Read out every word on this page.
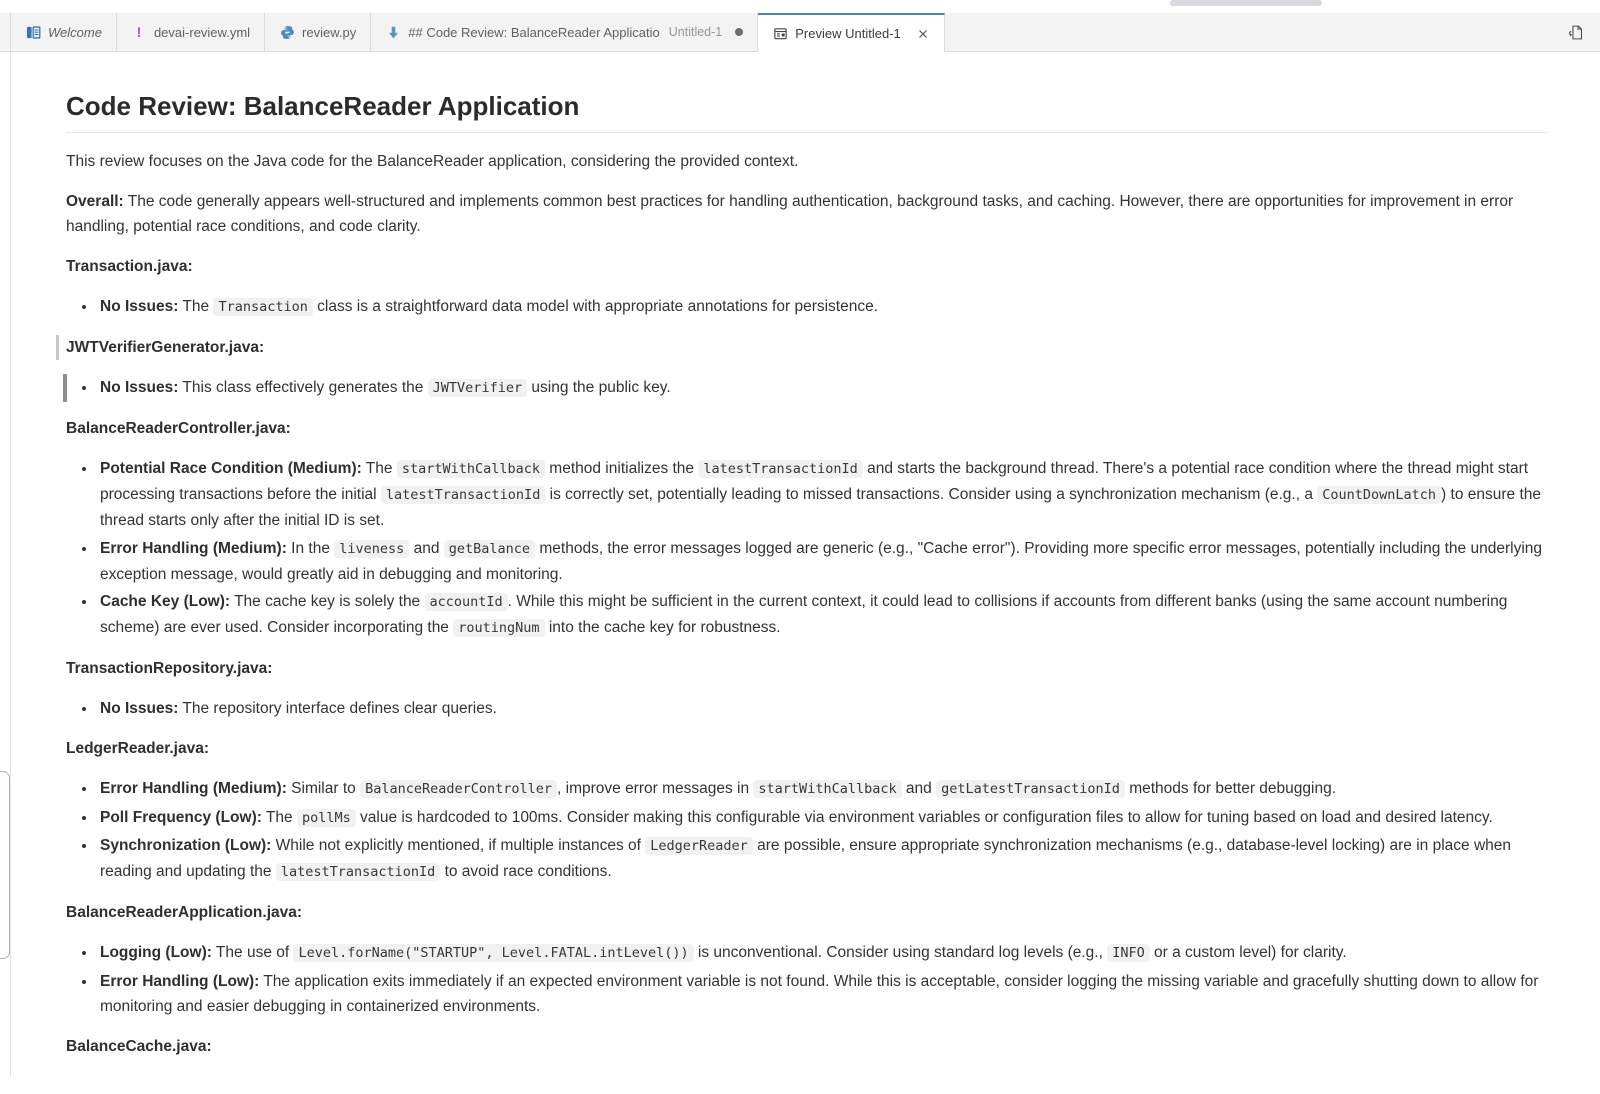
Welcome ! devai-review.yml	review.py	## Code Review: BalanceReader Applicatio Untitled-1	Preview Untitled-1
Code Review: BalanceReader Application

This review focuses on the Java code for the BalanceReader application, considering the provided context.

Overall: The code generally appears well-structured and implements common best practices for handling authentication, background tasks, and caching. However, there are opportunities for improvement in error handling, potential race conditions, and code clarity.

Transaction.java:

• No Issues: The Transaction class is a straightforward data model with appropriate annotations for persistence.

JWTVerifierGenerator.java:

• No Issues: This class effectively generates the JWTVerifier using the public key.

BalanceReaderController.java:

• Potential Race Condition (Medium): The startWithCallback method initializes the latestTransactionId and starts the background thread. There's a potential race condition where the thread might start processing transactions before the initial latestTransactionId is correctly set, potentially leading to missed transactions. Consider using a synchronization mechanism (e.g., a CountDownLatch ) to ensure the thread starts only after the initial ID is set.
• Error Handling (Medium): In the liveness and getBalance methods, the error messages logged are generic (e.g., "Cache error"). Providing more specific error messages, potentially including the underlying exception message, would greatly aid in debugging and monitoring.
• Cache Key (Low): The cache key is solely the accountId . While this might be sufficient in the current context, it could lead to collisions if accounts from different banks (using the same account numbering scheme) are ever used. Consider incorporating the routingNum into the cache key for robustness.

TransactionRepository.java:

• No Issues: The repository interface defines clear queries.

LedgerReader.java:

• Error Handling (Medium): Similar to BalanceReaderController , improve error messages in startWithCallback and getLatestTransactionId methods for better debugging.
• Poll Frequency (Low): The pollMs value is hardcoded to 100ms. Consider making this configurable via environment variables or configuration files to allow for tuning based on load and desired latency.
• Synchronization (Low): While not explicitly mentioned, if multiple instances of LedgerReader are possible, ensure appropriate synchronization mechanisms (e.g., database-level locking) are in place when reading and updating the latestTransactionId to avoid race conditions.

BalanceReaderApplication.java:

• Logging (Low): The use of Level.forName("STARTUP", Level.FATAL.intLevel()) is unconventional. Consider using standard log levels (e.g., INFO or a custom level) for clarity.
• Error Handling (Low): The application exits immediately if an expected environment variable is not found. While this is acceptable, consider logging the missing variable and gracefully shutting down to allow for monitoring and easier debugging in containerized environments.

BalanceCache.java:
